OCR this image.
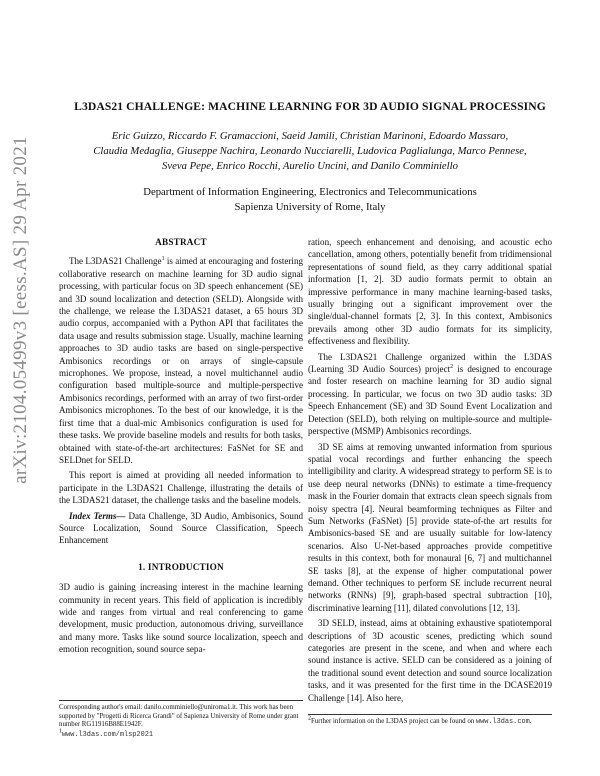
arXiv:2104.05499v3 [eess.AS] 29 Apr 2021
L3DAS21 CHALLENGE: MACHINE LEARNING FOR 3D AUDIO SIGNAL PROCESSING
Eric Guizzo, Riccardo F. Gramaccioni, Saeid Jamili, Christian Marinoni, Edoardo Massaro,
Claudia Medaglia, Giuseppe Nachira, Leonardo Nucciarelli, Ludovica Paglialunga, Marco Pennese,
Sveva Pepe, Enrico Rocchi, Aurelio Uncini, and Danilo Comminiello
Department of Information Engineering, Electronics and Telecommunications
Sapienza University of Rome, Italy
ABSTRACT

The L3DAS21 Challenge$^1$ is aimed at encouraging and fostering collaborative research on machine learning for 3D audio signal processing, with particular focus on 3D speech enhancement (SE) and 3D sound localization and detection (SELD). Alongside with the challenge, we release the L3DAS21 dataset, a 65 hours 3D audio corpus, accompanied with a Python API that facilitates the data usage and results submission stage. Usually, machine learning approaches to 3D audio tasks are based on single-perspective Ambisonics recordings or on arrays of single-capsule microphones. We propose, instead, a novel multichannel audio configuration based multiple-source and multiple-perspective Ambisonics recordings, performed with an array of two first-order Ambisonics microphones. To the best of our knowledge, it is the first time that a dual-mic Ambisonics configuration is used for these tasks. We provide baseline models and results for both tasks, obtained with state-of-the-art architectures: FaSNet for SE and SELDnet for SELD.

This report is aimed at providing all needed information to participate in the L3DAS21 Challenge, illustrating the details of the L3DAS21 dataset, the challenge tasks and the baseline models.

Index Terms— Data Challenge, 3D Audio, Ambisonics, Sound Source Localization, Sound Source Classification, Speech Enhancement

1. INTRODUCTION

3D audio is gaining increasing interest in the machine learning community in recent years. This field of application is incredibly wide and ranges from virtual and real conferencing to game development, music production, autonomous driving, surveillance and many more. Tasks like sound source localization, speech and emotion recognition, sound source sepa-

ration, speech enhancement and denoising, and acoustic echo cancellation, among others, potentially benefit from tridimensional representations of sound field, as they carry additional spatial information [1, 2]. 3D audio formats permit to obtain an impressive performance in many machine learning-based tasks, usually bringing out a significant improvement over the single/dual-channel formats [2, 3]. In this context, Ambisonics prevails among other 3D audio formats for its simplicity, effectiveness and flexibility.

The L3DAS21 Challenge organized within the L3DAS (Learning 3D Audio Sources) project$^2$ is designed to encourage and foster research on machine learning for 3D audio signal processing. In particular, we focus on two 3D audio tasks: 3D Speech Enhancement (SE) and 3D Sound Event Localization and Detection (SELD), both relying on multiple-source and multiple-perspective (MSMP) Ambisonics recordings.

3D SE aims at removing unwanted information from spurious spatial vocal recordings and further enhancing the speech intelligibility and clarity. A widespread strategy to perform SE is to use deep neural networks (DNNs) to estimate a time-frequency mask in the Fourier domain that extracts clean speech signals from noisy spectra [4]. Neural beamforming techniques as Filter and Sum Networks (FaSNet) [5] provide state-of-the art results for Ambisonics-based SE and are usually suitable for low-latency scenarios. Also U-Net-based approaches provide competitive results in this context, both for monaural [6, 7] and multichannel SE tasks [8], at the expense of higher computational power demand. Other techniques to perform SE include recurrent neural networks (RNNs) [9], graph-based spectral subtraction [10], discriminative learning [11], dilated convolutions [12, 13].

3D SELD, instead, aims at obtaining exhaustive spatiotemporal descriptions of 3D acoustic scenes, predicting which sound categories are present in the scene, and when and where each sound instance is active. SELD can be considered as a joining of the traditional sound event detection and sound source localization tasks, and it was presented for the first time in the DCASE2019 Challenge [14]. Also here,

Corresponding author's email: danilo.comminiello@uniroma1.it. This work has been supported by "Progetti di Ricerca Grandi" of Sapienza University of Rome under grant number RG11916B88E1942F.

$^1$www.l3das.com/mlsp2021

$^2$Further information on the L3DAS project can be found on www.l3das.com.
